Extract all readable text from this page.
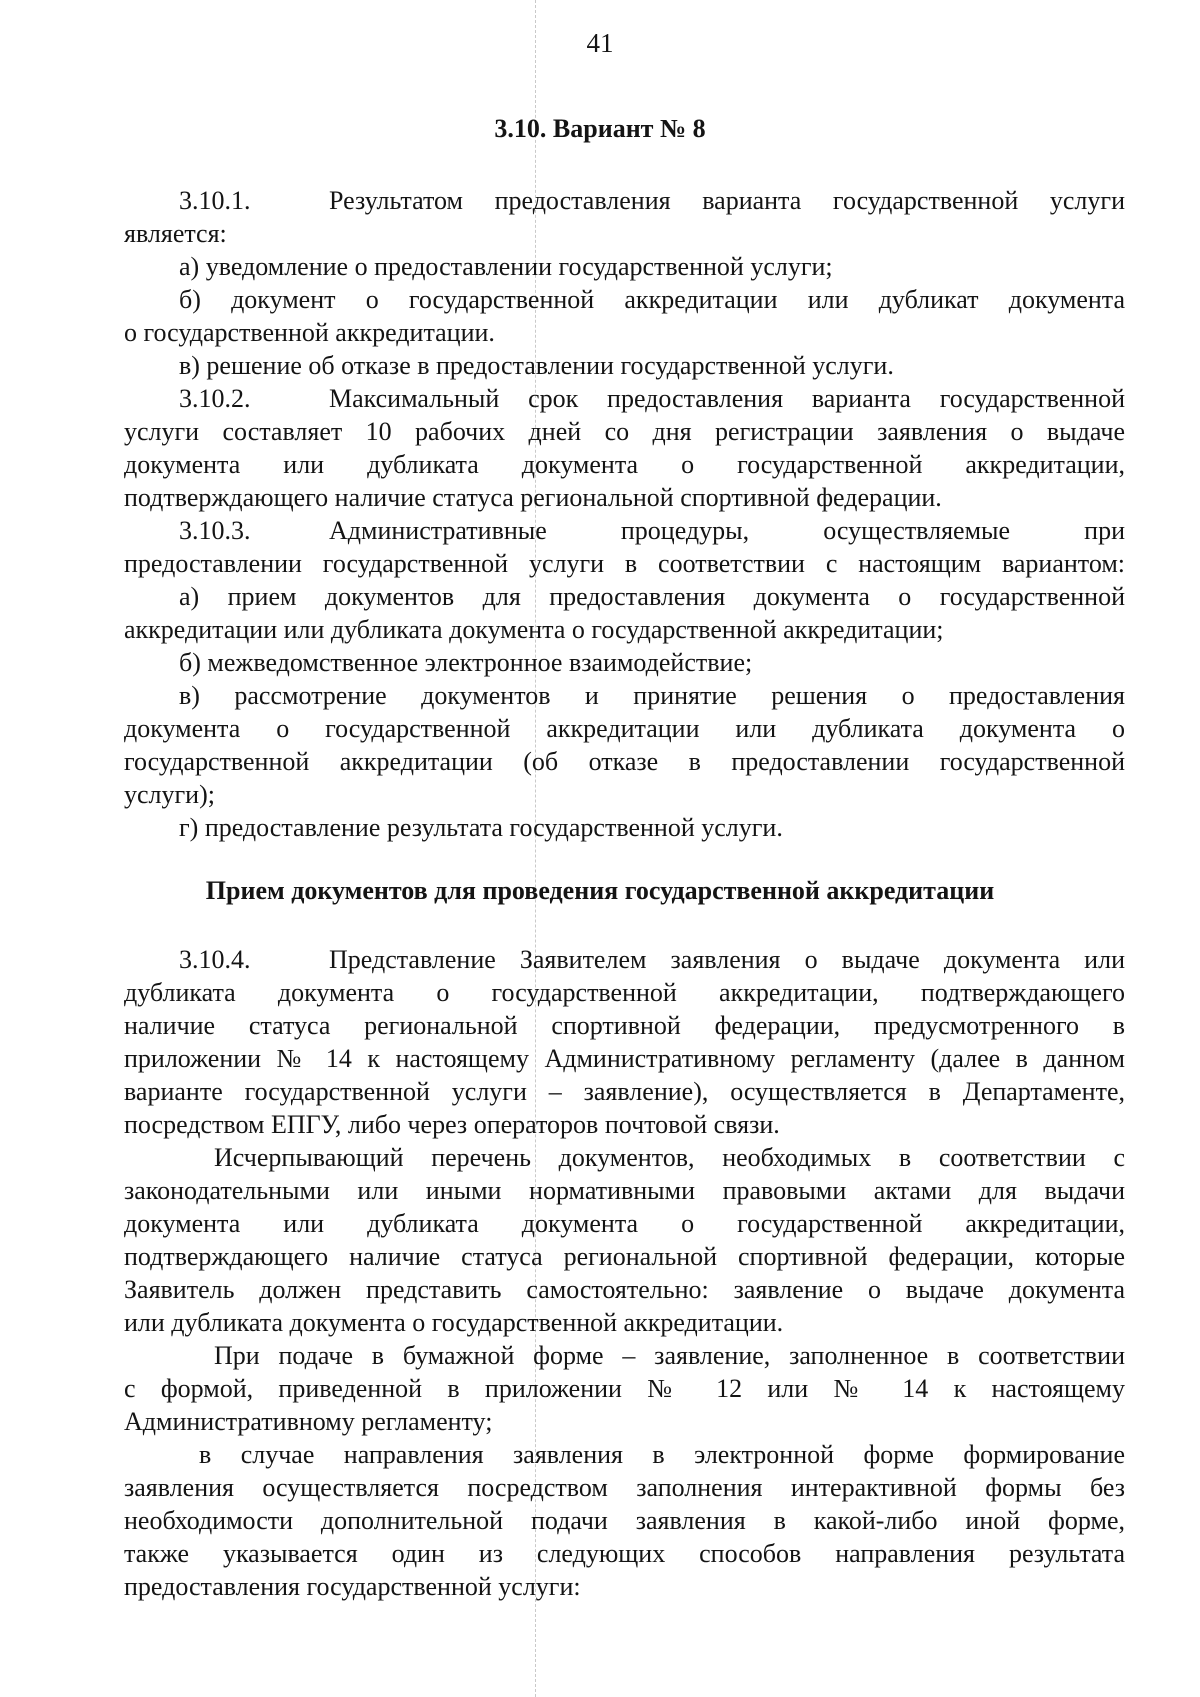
41
3.10. Вариант № 8
3.10.1.	Результатом предоставления варианта государственной услуги
является:
а) уведомление о предоставлении государственной услуги;
б) документ о государственной аккредитации или дубликат документа
о государственной аккредитации.
в) решение об отказе в предоставлении государственной услуги.
3.10.2.	Максимальный срок предоставления варианта государственной
услуги составляет 10 рабочих дней со дня регистрации заявления о выдаче
документа или дубликата документа о государственной аккредитации,
подтверждающего наличие статуса региональной спортивной федерации.
3.10.3.	Административные процедуры, осуществляемые при
предоставлении государственной услуги в соответствии с настоящим вариантом:
а) прием документов для предоставления документа о государственной
аккредитации или дубликата документа о государственной аккредитации;
б) межведомственное электронное взаимодействие;
в) рассмотрение документов и принятие решения о предоставления
документа о государственной аккредитации или дубликата документа о
государственной аккредитации (об отказе в предоставлении государственной
услуги);
г) предоставление результата государственной услуги.
Прием документов для проведения государственной аккредитации
3.10.4.	Представление Заявителем заявления о выдаче документа или
дубликата документа о государственной аккредитации, подтверждающего
наличие статуса региональной спортивной федерации, предусмотренного в
приложении № 14 к настоящему Административному регламенту (далее в данном
варианте государственной услуги – заявление), осуществляется в Департаменте,
посредством ЕПГУ, либо через операторов почтовой связи.
Исчерпывающий перечень документов, необходимых в соответствии с
законодательными или иными нормативными правовыми актами для выдачи
документа или дубликата документа о государственной аккредитации,
подтверждающего наличие статуса региональной спортивной федерации, которые
Заявитель должен представить самостоятельно: заявление о выдаче документа
или дубликата документа о государственной аккредитации.
При подаче в бумажной форме – заявление, заполненное в соответствии
с формой, приведенной в приложении № 12 или № 14 к настоящему
Административному регламенту;
в случае направления заявления в электронной форме формирование
заявления осуществляется посредством заполнения интерактивной формы без
необходимости дополнительной подачи заявления в какой-либо иной форме,
также указывается один из следующих способов направления результата
предоставления государственной услуги:
